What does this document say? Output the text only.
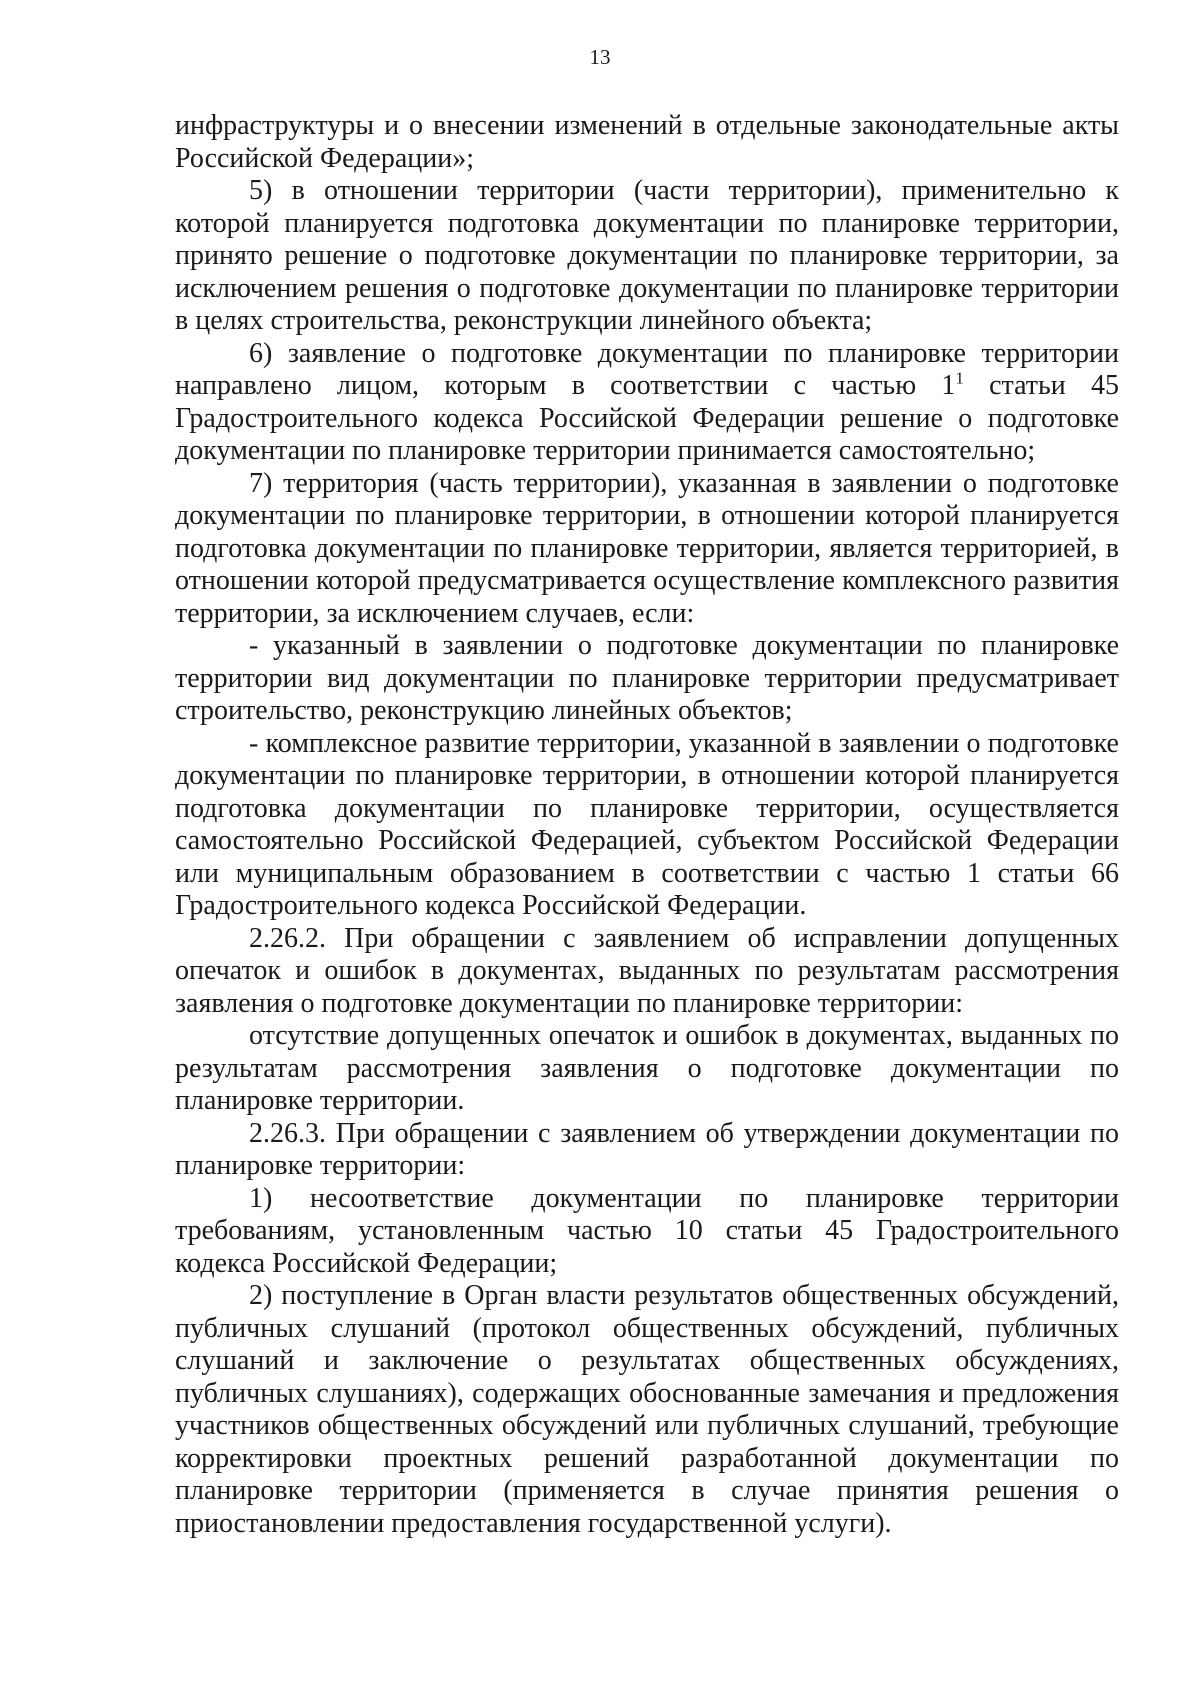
13

инфраструктуры и о внесении изменений в отдельные законодательные акты Российской Федерации»;

5) в отношении территории (части территории), применительно к которой планируется подготовка документации по планировке территории, принято решение о подготовке документации по планировке территории, за исключением решения о подготовке документации по планировке территории в целях строительства, реконструкции линейного объекта;

6) заявление о подготовке документации по планировке территории направлено лицом, которым в соответствии с частью $1^1$ статьи 45 Градостроительного кодекса Российской Федерации решение о подготовке документации по планировке территории принимается самостоятельно;

7) территория (часть территории), указанная в заявлении о подготовке документации по планировке территории, в отношении которой планируется подготовка документации по планировке территории, является территорией, в отношении которой предусматривается осуществление комплексного развития территории, за исключением случаев, если:

- указанный в заявлении о подготовке документации по планировке территории вид документации по планировке территории предусматривает строительство, реконструкцию линейных объектов;

- комплексное развитие территории, указанной в заявлении о подготовке документации по планировке территории, в отношении которой планируется подготовка документации по планировке территории, осуществляется самостоятельно Российской Федерацией, субъектом Российской Федерации или муниципальным образованием в соответствии с частью 1 статьи 66 Градостроительного кодекса Российской Федерации.

2.26.2. При обращении с заявлением об исправлении допущенных опечаток и ошибок в документах, выданных по результатам рассмотрения заявления о подготовке документации по планировке территории:

отсутствие допущенных опечаток и ошибок в документах, выданных по результатам рассмотрения заявления о подготовке документации по планировке территории.

2.26.3. При обращении с заявлением об утверждении документации по планировке территории:

1) несоответствие документации по планировке территории требованиям, установленным частью 10 статьи 45 Градостроительного кодекса Российской Федерации;

2) поступление в Орган власти результатов общественных обсуждений, публичных слушаний (протокол общественных обсуждений, публичных слушаний и заключение о результатах общественных обсуждениях, публичных слушаниях), содержащих обоснованные замечания и предложения участников общественных обсуждений или публичных слушаний, требующие корректировки проектных решений разработанной документации по планировке территории (применяется в случае принятия решения о приостановлении предоставления государственной услуги).
